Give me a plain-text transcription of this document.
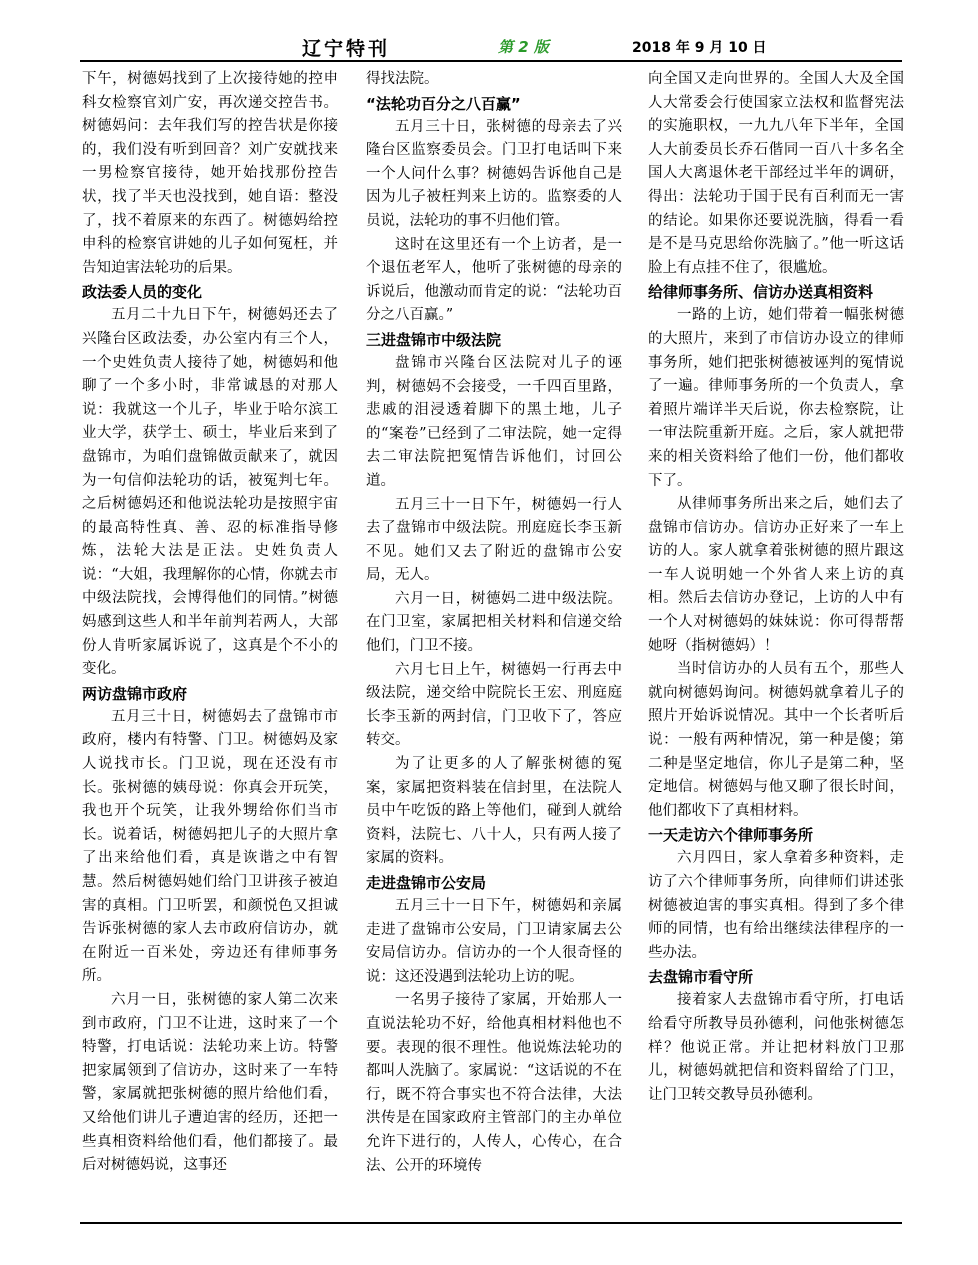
辽宁特刊	第 2 版	2018 年 9 月 10 日

下午，树德妈找到了上次接待她的控申科女检察官刘广安，再次递交控告书。树德妈问：去年我们写的控告状是你接的，我们没有听到回音？刘广安就找来一男检察官接待，她开始找那份控告状，找了半天也没找到，她自语：整没了，找不着原来的东西了。树德妈给控申科的检察官讲她的儿子如何冤枉，并告知迫害法轮功的后果。

政法委人员的变化

五月二十九日下午，树德妈还去了兴隆台区政法委，办公室内有三个人，一个史姓负责人接待了她，树德妈和他聊了一个多小时，非常诚恳的对那人说：我就这一个儿子，毕业于哈尔滨工业大学，获学士、硕士，毕业后来到了盘锦市，为咱们盘锦做贡献来了，就因为一句信仰法轮功的话，被冤判七年。之后树德妈还和他说法轮功是按照宇宙的最高特性真、善、忍的标准指导修炼，法轮大法是正法。史姓负责人说：“大姐，我理解你的心情，你就去市中级法院找，会博得他们的同情。”树德妈感到这些人和半年前判若两人，大部份人肯听家属诉说了，这真是个不小的变化。

两访盘锦市政府

五月三十日，树德妈去了盘锦市市政府，楼内有特警、门卫。树德妈及家人说找市长。门卫说，现在还没有市长。张树德的姨母说：你真会开玩笑，我也开个玩笑，让我外甥给你们当市长。说着话，树德妈把儿子的大照片拿了出来给他们看，真是诙谐之中有智慧。然后树德妈她们给门卫讲孩子被迫害的真相。门卫听罢，和颜悦色又担诚告诉张树德的家人去市政府信访办，就在附近一百米处，旁边还有律师事务所。

六月一日，张树德的家人第二次来到市政府，门卫不让进，这时来了一个特警，打电话说：法轮功来上访。特警把家属领到了信访办，这时来了一车特警，家属就把张树德的照片给他们看，又给他们讲儿子遭迫害的经历，还把一些真相资料给他们看，他们都接了。最后对树德妈说，这事还

得找法院。

“法轮功百分之八百赢”

五月三十日，张树德的母亲去了兴隆台区监察委员会。门卫打电话叫下来一个人问什么事？树德妈告诉他自己是因为儿子被枉判来上访的。监察委的人员说，法轮功的事不归他们管。

这时在这里还有一个上访者，是一个退伍老军人，他听了张树德的母亲的诉说后，他激动而肯定的说：“法轮功百分之八百赢。”

三进盘锦市中级法院

盘锦市兴隆台区法院对儿子的诬判，树德妈不会接受，一千四百里路，悲戚的泪浸透着脚下的黑土地，儿子的“案卷”已经到了二审法院，她一定得去二审法院把冤情告诉他们，讨回公道。

五月三十一日下午，树德妈一行人去了盘锦市中级法院。刑庭庭长李玉新不见。她们又去了附近的盘锦市公安局，无人。

六月一日，树德妈二进中级法院。在门卫室，家属把相关材料和信递交给他们，门卫不接。

六月七日上午，树德妈一行再去中级法院，递交给中院院长王宏、刑庭庭长李玉新的两封信，门卫收下了，答应转交。

为了让更多的人了解张树德的冤案，家属把资料装在信封里，在法院人员中午吃饭的路上等他们，碰到人就给资料，法院七、八十人，只有两人接了家属的资料。

走进盘锦市公安局

五月三十一日下午，树德妈和亲属走进了盘锦市公安局，门卫请家属去公安局信访办。信访办的一个人很奇怪的说：这还没遇到法轮功上访的呢。

一名男子接待了家属，开始那人一直说法轮功不好，给他真相材料他也不要。表现的很不理性。他说炼法轮功的都叫人洗脑了。家属说：“这话说的不在行，既不符合事实也不符合法律，大法洪传是在国家政府主管部门的主办单位允许下进行的，人传人，心传心，在合法、公开的环境传

向全国又走向世界的。全国人大及全国人大常委会行使国家立法权和监督宪法的实施职权，一九九八年下半年，全国人大前委员长乔石偕同一百八十多名全国人大离退休老干部经过半年的调研，得出：法轮功于国于民有百利而无一害的结论。如果你还要说洗脑，得看一看是不是马克思给你洗脑了。”他一听这话脸上有点挂不住了，很尴尬。

给律师事务所、信访办送真相资料

一路的上访，她们带着一幅张树德的大照片，来到了市信访办设立的律师事务所，她们把张树德被诬判的冤情说了一遍。律师事务所的一个负责人，拿着照片端详半天后说，你去检察院，让一审法院重新开庭。之后，家人就把带来的相关资料给了他们一份，他们都收下了。

从律师事务所出来之后，她们去了盘锦市信访办。信访办正好来了一车上访的人。家人就拿着张树德的照片跟这一车人说明她一个外省人来上访的真相。然后去信访办登记，上访的人中有一个人对树德妈的妹妹说：你可得帮帮她呀（指树德妈）！

当时信访办的人员有五个，那些人就向树德妈询问。树德妈就拿着儿子的照片开始诉说情况。其中一个长者听后说：一般有两种情况，第一种是傻；第二种是坚定地信，你儿子是第二种，坚定地信。树德妈与他又聊了很长时间，他们都收下了真相材料。

一天走访六个律师事务所

六月四日，家人拿着多种资料，走访了六个律师事务所，向律师们讲述张树德被迫害的事实真相。得到了多个律师的同情，也有给出继续法律程序的一些办法。

去盘锦市看守所

接着家人去盘锦市看守所，打电话给看守所教导员孙德利，问他张树德怎样？他说正常。并让把材料放门卫那儿，树德妈就把信和资料留给了门卫，让门卫转交教导员孙德利。
